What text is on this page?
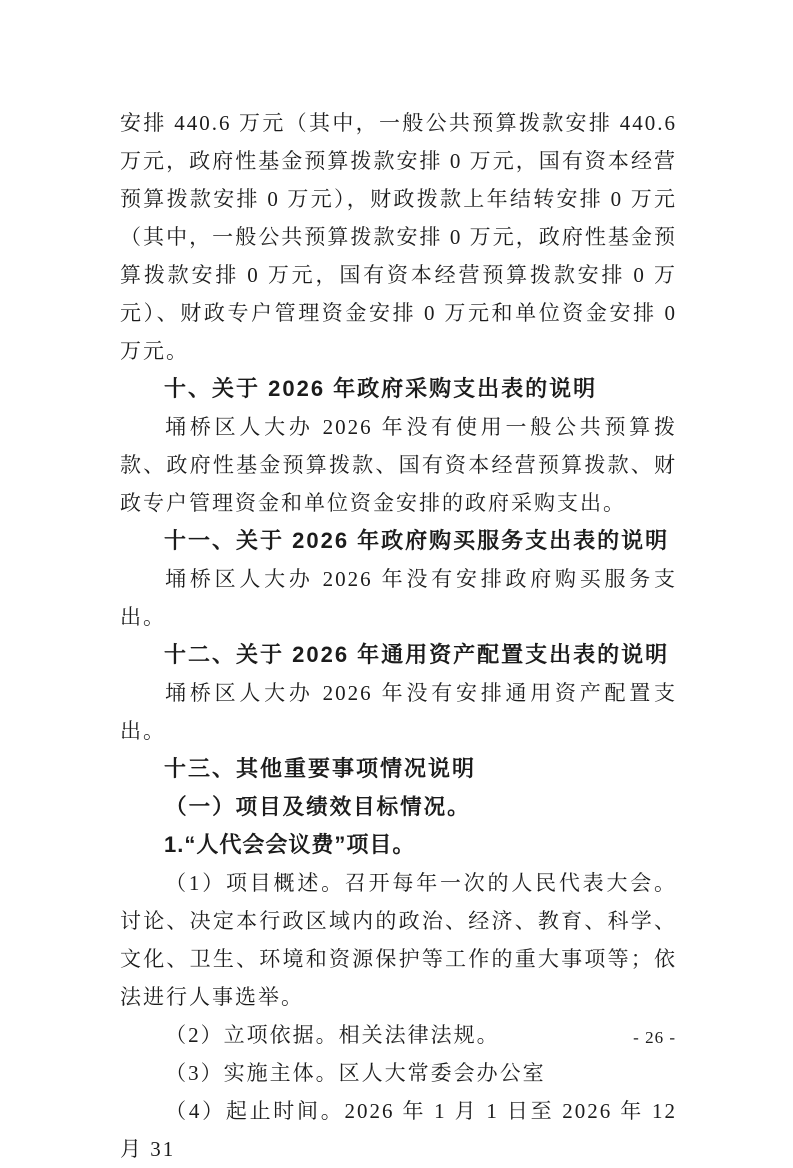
安排 440.6 万元（其中，一般公共预算拨款安排 440.6 万元，政府性基金预算拨款安排 0 万元，国有资本经营预算拨款安排 0 万元），财政拨款上年结转安排 0 万元（其中，一般公共预算拨款安排 0 万元，政府性基金预算拨款安排 0 万元，国有资本经营预算拨款安排 0 万元）、财政专户管理资金安排 0 万元和单位资金安排 0 万元。

十、关于 2026 年政府采购支出表的说明

埇桥区人大办 2026 年没有使用一般公共预算拨款、政府性基金预算拨款、国有资本经营预算拨款、财政专户管理资金和单位资金安排的政府采购支出。

十一、关于 2026 年政府购买服务支出表的说明

埇桥区人大办 2026 年没有安排政府购买服务支出。

十二、关于 2026 年通用资产配置支出表的说明

埇桥区人大办 2026 年没有安排通用资产配置支出。

十三、其他重要事项情况说明

（一）项目及绩效目标情况。

1.“人代会会议费”项目。

（1）项目概述。召开每年一次的人民代表大会。讨论、决定本行政区域内的政治、经济、教育、科学、文化、卫生、环境和资源保护等工作的重大事项等；依法进行人事选举。

（2）立项依据。相关法律法规。

（3）实施主体。区人大常委会办公室

（4）起止时间。2026 年 1 月 1 日至 2026 年 12 月 31

- 26 -
